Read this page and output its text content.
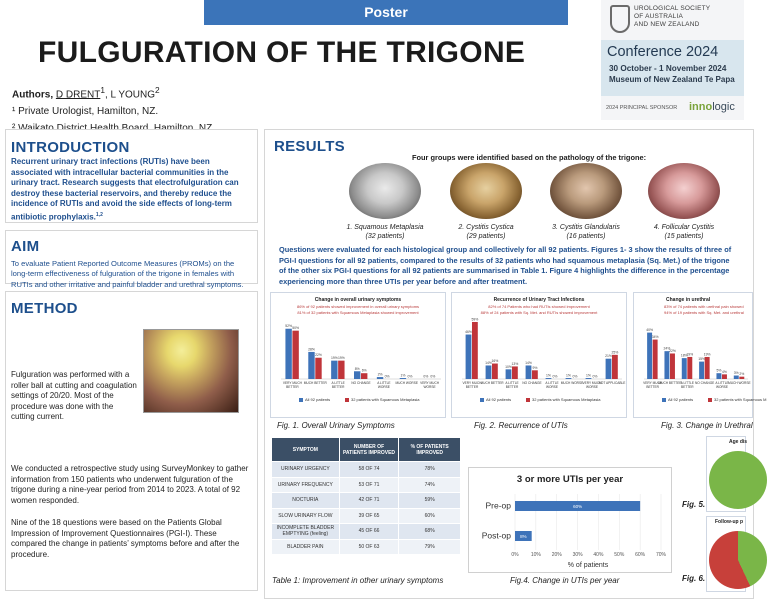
Poster
FULGURATION OF THE TRIGONE
Authors, D DRENT$^1$, L YOUNG$^2$
¹ Private Urologist, Hamilton, NZ.
UROLOGICAL SOCIETY
OF AUSTRALIA
AND NEW ZEALAND
Conference 2024
30 October - 1 November 2024
Museum of New Zealand Te Papa
2024 PRINCIPAL SPONSOR innologic
INTRODUCTION
Recurrent urinary tract infections (RUTIs) have been associated with intracellular bacterial communities in the urinary tract. Research suggests that electrofulguration can destroy these bacterial reservoirs, and thereby reduce the incidence of RUTIs and avoid the side effects of long-term antibiotic prophylaxis.$^{1,2}$
AIM
To evaluate Patient Reported Outcome Measures (PROMs) on the long-term effectiveness of fulguration of the trigone in females with RUTIs and other irritative and painful bladder and urethral symptoms.
METHOD
Fulguration was performed with a roller ball at cutting and coagulation settings of 20/20. Most of the procedure was done with the cutting current.
We conducted a retrospective study using SurveyMonkey to gather information from 150 patients who underwent fulguration of the trigone during a nine-year period from 2014 to 2023. A total of 92 women responded.
Nine of the 18 questions were based on the Patients Global Impression of Improvement Questionnaires (PGI-I). These compared the change in patients’ symptoms before and after the procedure.
RESULTS
Four groups were identified based on the pathology of the trigone:
1. Squamous Metaplasia
(32 patients)
2. Cystitis Cystica
(29 patients)
3. Cystitis Glandularis
(16 patients)
4. Follicular Cystitis
(15 patients)
Questions were evaluated for each histological group and collectively for all 92 patients. Figures 1- 3 show the results of three of
PGI-I questions for all 92 patients, compared to the results of 32 patients who had squamous metaplasia (Sq. Met.) of the trigone
of the other six PGI-I questions for all 92 patients are summarised in Table 1. Figure 4 highlights the difference in the percentage
experiencing more than three UTIs per year before and after treatment.
Change in overall urinary symptoms
86% of 92 patients showed improvement in overall urinary symptoms
81% of 32 patients with Squamous Metaplasia showed improvement
52% 50%
VERY MUCH
BETTER
28%
22%
MUCH BETTER
19% 19%
A LITTLE
BETTER
8% 6%
NO CHANGE
2% 0%
A LITTLE
WORSE
1% 0%
MUCH WORSE
0% 0%
VERY MUCH
WORSE
All 92 patients	32 patients with Squamous Metaplasia
Fig. 1. Overall Urinary Symptoms
Recurrence of Urinary Tract Infections
82% of 74 Patients who had RUTIs showed improvement
88% of 24 patients with Sq. Met. and RUTIs showed improvement
46%
59%
VERY MUCH
BETTER
14% 16%
MUCH BETTER
10%
13%
A LITTLE
BETTER
14%
9%
NO CHANGE
1% 0%
A LITTLE
WORSE
1% 0%
MUCH WORSE
1% 0%
VERY MUCH
WORSE
21%
25%
NOT APPLICABLE
All 92 patients	32 patients with Squamous Metaplasia
Fig. 2. Recurrence of UTIs
Change in urethral
83% of 74 patients with urethral pain showed
94% of 19 patients with Sq. Met. and urethral
40%
34%
VERY MUCH
BETTER
24%
22%
MUCH BETTER
18%
19%
A LITTLE
BETTER
15%
19%
NO CHANGE
5% 4%
A LITTLE
WORSE
3% 2%
MUCH WORSE
All 92 patients	32 patients with Squamous M
Fig. 3. Change in Urethral
SYMPTOM	NUMBER OF PATIENTS IMPROVED	% OF PATIENTS IMPROVED
URINARY URGENCY	58 OF 74	78%
URINARY FREQUENCY	53 OF 71	74%
NOCTURIA	42 OF 71	59%
SLOW URINARY FLOW	39 OF 65	60%
INCOMPLETE BLADDER EMPTYING (feeling)	45 OF 66	68%
BLADDER PAIN	50 OF 63	79%
Table 1: Improvement in other urinary symptoms
3 or more UTIs per year
0% 10% 20% 30% 40% 50% 60% 70%
Pre-op	60%
Post-op 8%
% of patients
Fig.4. Change in UTIs per year
Fig. 5.
Fig. 6.
Age dis
Follow-up p
